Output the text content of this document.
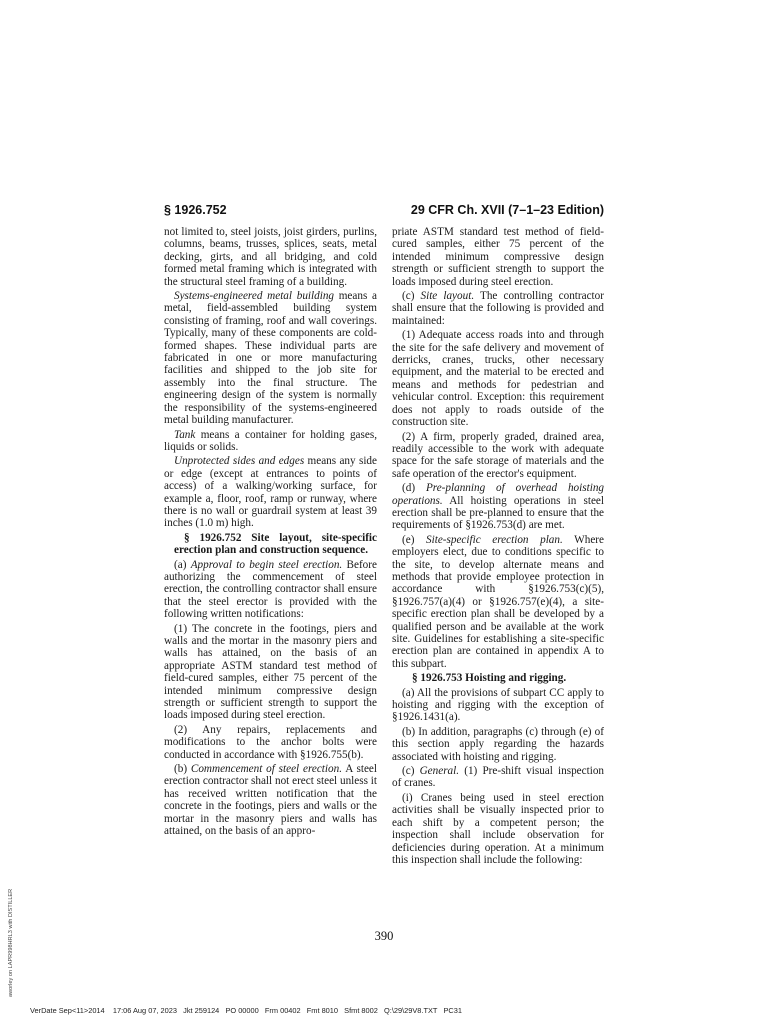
§ 1926.752	29 CFR Ch. XVII (7–1–23 Edition)

not limited to, steel joists, joist girders, purlins, columns, beams, trusses, splices, seats, metal decking, girts, and all bridging, and cold formed metal framing which is integrated with the structural steel framing of a building.

Systems-engineered metal building means a metal, field-assembled building system consisting of framing, roof and wall coverings. Typically, many of these components are cold-formed shapes. These individual parts are fabricated in one or more manufacturing facilities and shipped to the job site for assembly into the final structure. The engineering design of the system is normally the responsibility of the systems-engineered metal building manufacturer.

Tank means a container for holding gases, liquids or solids.

Unprotected sides and edges means any side or edge (except at entrances to points of access) of a walking/working surface, for example a, floor, roof, ramp or runway, where there is no wall or guardrail system at least 39 inches (1.0 m) high.

§ 1926.752 Site layout, site-specific erection plan and construction sequence.

(a) Approval to begin steel erection. Before authorizing the commencement of steel erection, the controlling contractor shall ensure that the steel erector is provided with the following written notifications:

(1) The concrete in the footings, piers and walls and the mortar in the masonry piers and walls has attained, on the basis of an appropriate ASTM standard test method of field-cured samples, either 75 percent of the intended minimum compressive design strength or sufficient strength to support the loads imposed during steel erection.

(2) Any repairs, replacements and modifications to the anchor bolts were conducted in accordance with §1926.755(b).

(b) Commencement of steel erection. A steel erection contractor shall not erect steel unless it has received written notification that the concrete in the footings, piers and walls or the mortar in the masonry piers and walls has attained, on the basis of an appro-

priate ASTM standard test method of field-cured samples, either 75 percent of the intended minimum compressive design strength or sufficient strength to support the loads imposed during steel erection.

(c) Site layout. The controlling contractor shall ensure that the following is provided and maintained:

(1) Adequate access roads into and through the site for the safe delivery and movement of derricks, cranes, trucks, other necessary equipment, and the material to be erected and means and methods for pedestrian and vehicular control. Exception: this requirement does not apply to roads outside of the construction site.

(2) A firm, properly graded, drained area, readily accessible to the work with adequate space for the safe storage of materials and the safe operation of the erector's equipment.

(d) Pre-planning of overhead hoisting operations. All hoisting operations in steel erection shall be pre-planned to ensure that the requirements of §1926.753(d) are met.

(e) Site-specific erection plan. Where employers elect, due to conditions specific to the site, to develop alternate means and methods that provide employee protection in accordance with §1926.753(c)(5), §1926.757(a)(4) or §1926.757(e)(4), a site-specific erection plan shall be developed by a qualified person and be available at the work site. Guidelines for establishing a site-specific erection plan are contained in appendix A to this subpart.

§ 1926.753 Hoisting and rigging.

(a) All the provisions of subpart CC apply to hoisting and rigging with the exception of §1926.1431(a).

(b) In addition, paragraphs (c) through (e) of this section apply regarding the hazards associated with hoisting and rigging.

(c) General. (1) Pre-shift visual inspection of cranes.

(i) Cranes being used in steel erection activities shall be visually inspected prior to each shift by a competent person; the inspection shall include observation for deficiencies during operation. At a minimum this inspection shall include the following:

390
VerDate Sep<11>2014    17:06 Aug 07, 2023   Jkt 259124   PO 00000   Frm 00402   Fmt 8010   Sfmt 8002   Q:\29\29V8.TXT   PC31
aworley on LAPR998HRL3 with DISTILLER
